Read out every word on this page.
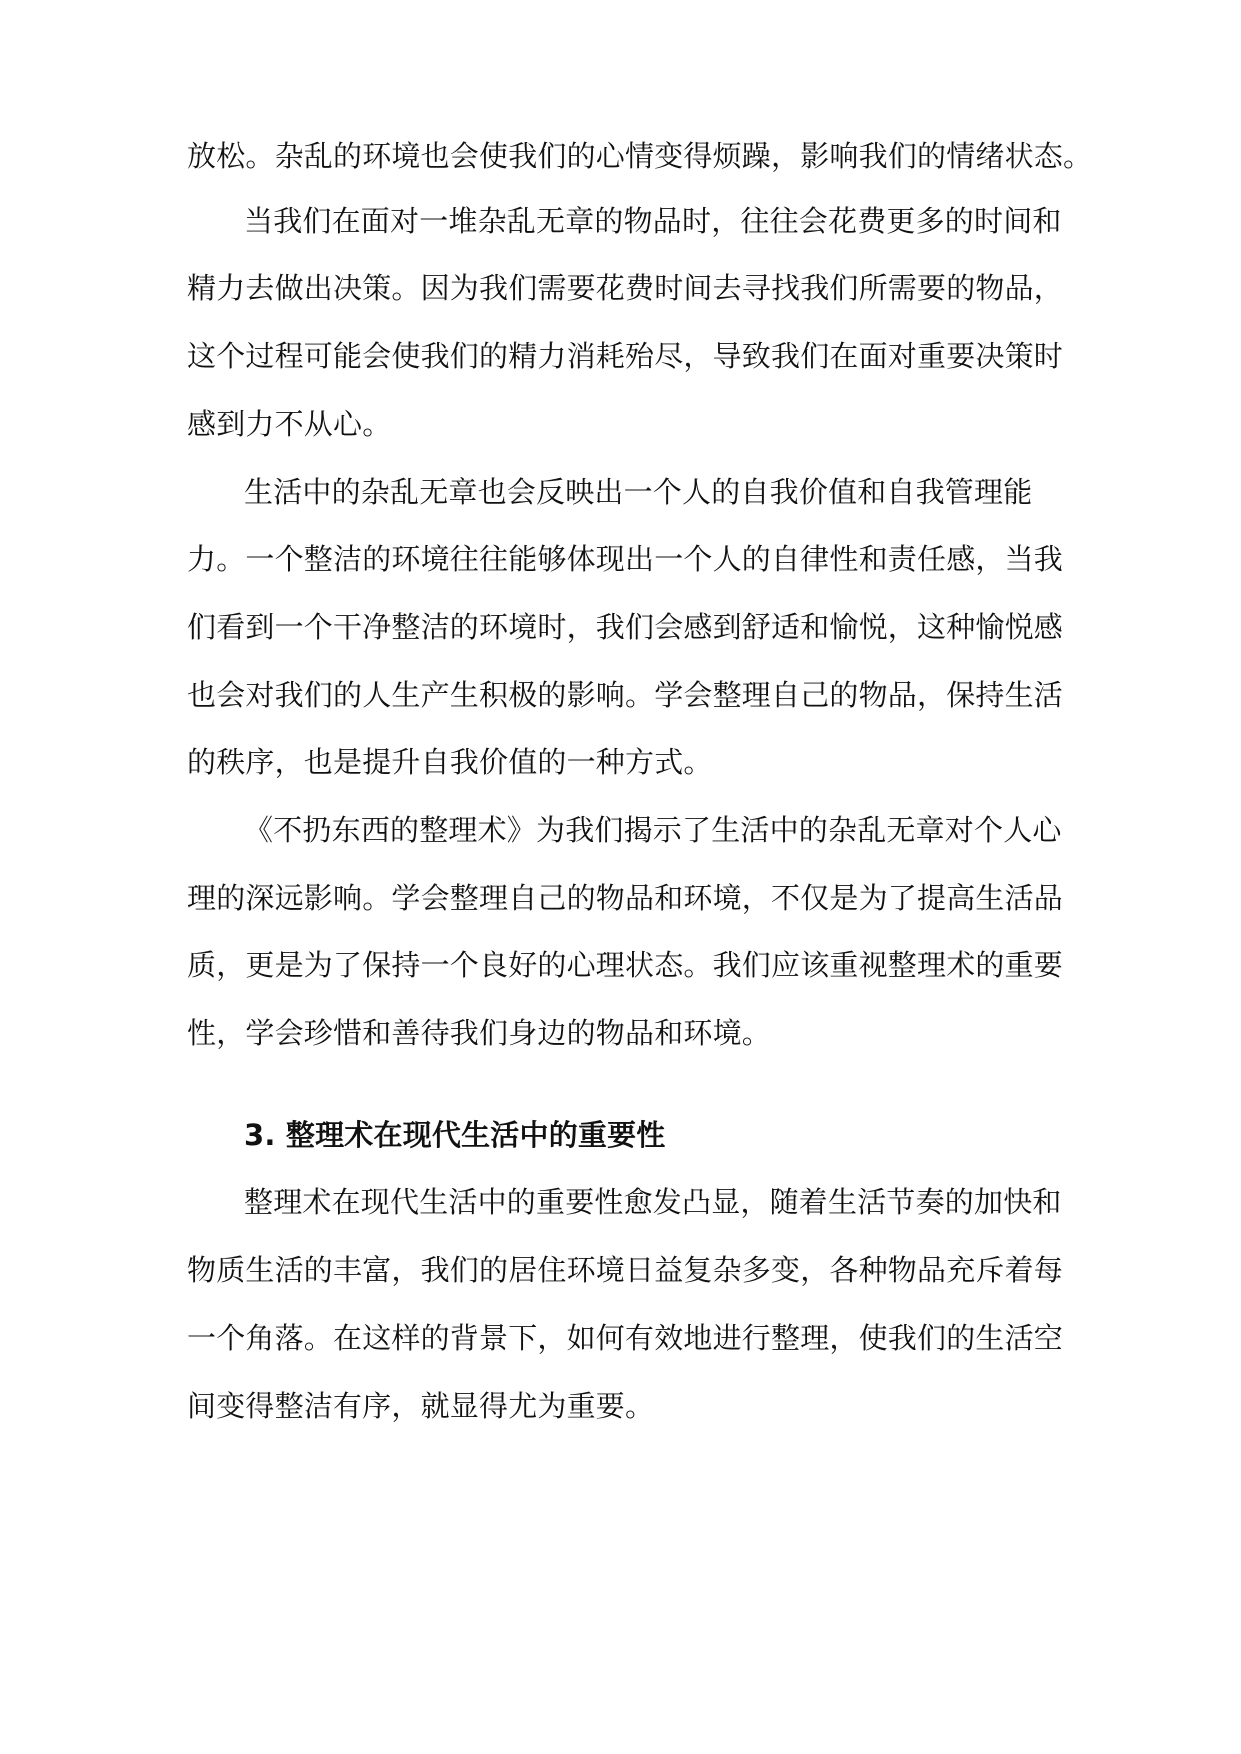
放松。杂乱的环境也会使我们的心情变得烦躁，影响我们的情绪状态。
当我们在面对一堆杂乱无章的物品时，往往会花费更多的时间和
精力去做出决策。因为我们需要花费时间去寻找我们所需要的物品，
这个过程可能会使我们的精力消耗殆尽，导致我们在面对重要决策时
感到力不从心。
生活中的杂乱无章也会反映出一个人的自我价值和自我管理能
力。一个整洁的环境往往能够体现出一个人的自律性和责任感，当我
们看到一个干净整洁的环境时，我们会感到舒适和愉悦，这种愉悦感
也会对我们的人生产生积极的影响。学会整理自己的物品，保持生活
的秩序，也是提升自我价值的一种方式。
《不扔东西的整理术》为我们揭示了生活中的杂乱无章对个人心
理的深远影响。学会整理自己的物品和环境，不仅是为了提高生活品
质，更是为了保持一个良好的心理状态。我们应该重视整理术的重要
性，学会珍惜和善待我们身边的物品和环境。
3. 整理术在现代生活中的重要性
整理术在现代生活中的重要性愈发凸显，随着生活节奏的加快和
物质生活的丰富，我们的居住环境日益复杂多变，各种物品充斥着每
一个角落。在这样的背景下，如何有效地进行整理，使我们的生活空
间变得整洁有序，就显得尤为重要。
